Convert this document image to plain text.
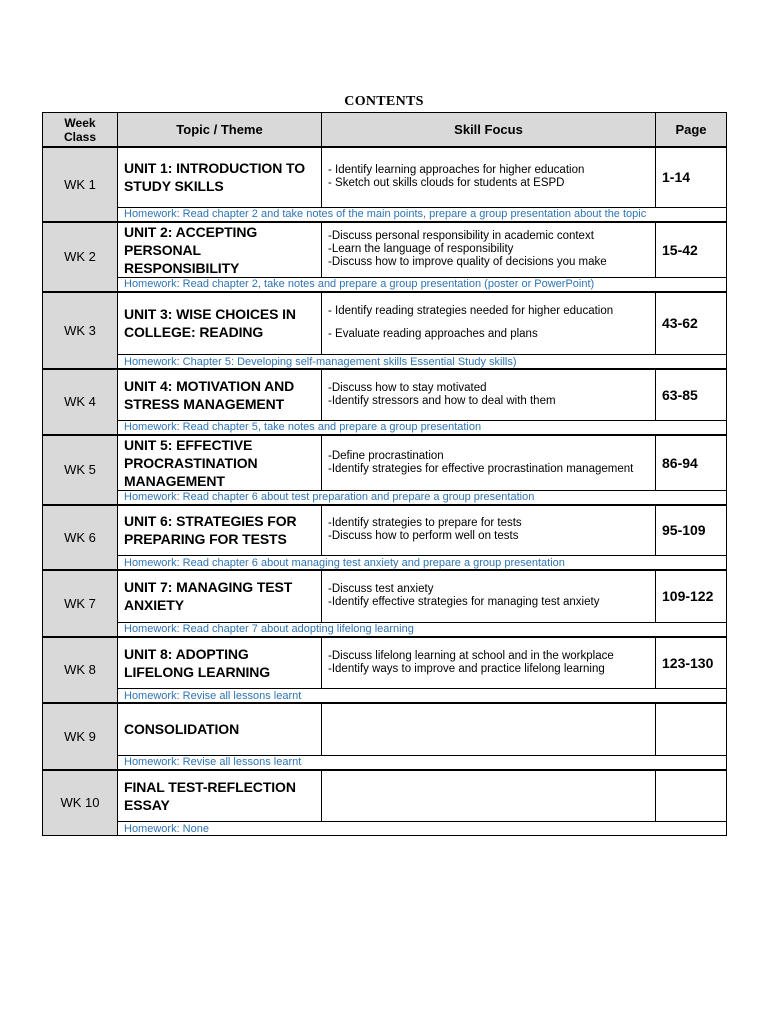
CONTENTS
Week
Class	Topic / Theme	Skill Focus	Page
WK 1	UNIT 1: INTRODUCTION TO STUDY SKILLS	- Identify learning approaches for higher education
- Sketch out skills clouds for students at ESPD	1-14
	Homework: Read chapter 2 and take notes of the main points, prepare a group presentation about the topic		
WK 2	UNIT 2: ACCEPTING PERSONAL RESPONSIBILITY	-Discuss personal responsibility in academic context
-Learn the language of responsibility
-Discuss how to improve quality of decisions you make	15-42
	Homework: Read chapter 2, take notes and prepare a group presentation (poster or PowerPoint)		
WK 3	UNIT 3: WISE CHOICES IN COLLEGE: READING	- Identify reading strategies needed for higher education
- Evaluate reading approaches and plans	43-62
	Homework: Chapter 5: Developing self-management skills Essential Study skills)		
WK 4	UNIT 4: MOTIVATION AND STRESS MANAGEMENT	-Discuss how to stay motivated
-Identify stressors and how to deal with them	63-85
	Homework: Read chapter 5, take notes and prepare a group presentation		
WK 5	UNIT 5: EFFECTIVE PROCRASTINATION MANAGEMENT	-Define procrastination
-Identify strategies for effective procrastination management	86-94
	Homework: Read chapter 6 about test preparation and prepare a group presentation		
WK 6	UNIT 6: STRATEGIES FOR PREPARING FOR TESTS	-Identify strategies to prepare for tests
-Discuss how to perform well on tests	95-109
	Homework: Read chapter 6 about managing test anxiety and prepare a group presentation		
WK 7	UNIT 7: MANAGING TEST ANXIETY	-Discuss test anxiety
-Identify effective strategies for managing test anxiety	109-122
	Homework: Read chapter 7 about adopting lifelong learning		
WK 8	UNIT 8: ADOPTING LIFELONG LEARNING	-Discuss lifelong learning at school and in the workplace
-Identify ways to improve and practice lifelong learning	123-130
	Homework: Revise all lessons learnt		
WK 9	CONSOLIDATION		
	Homework: Revise all lessons learnt		
WK 10	FINAL TEST-REFLECTION ESSAY		
	Homework: None		
